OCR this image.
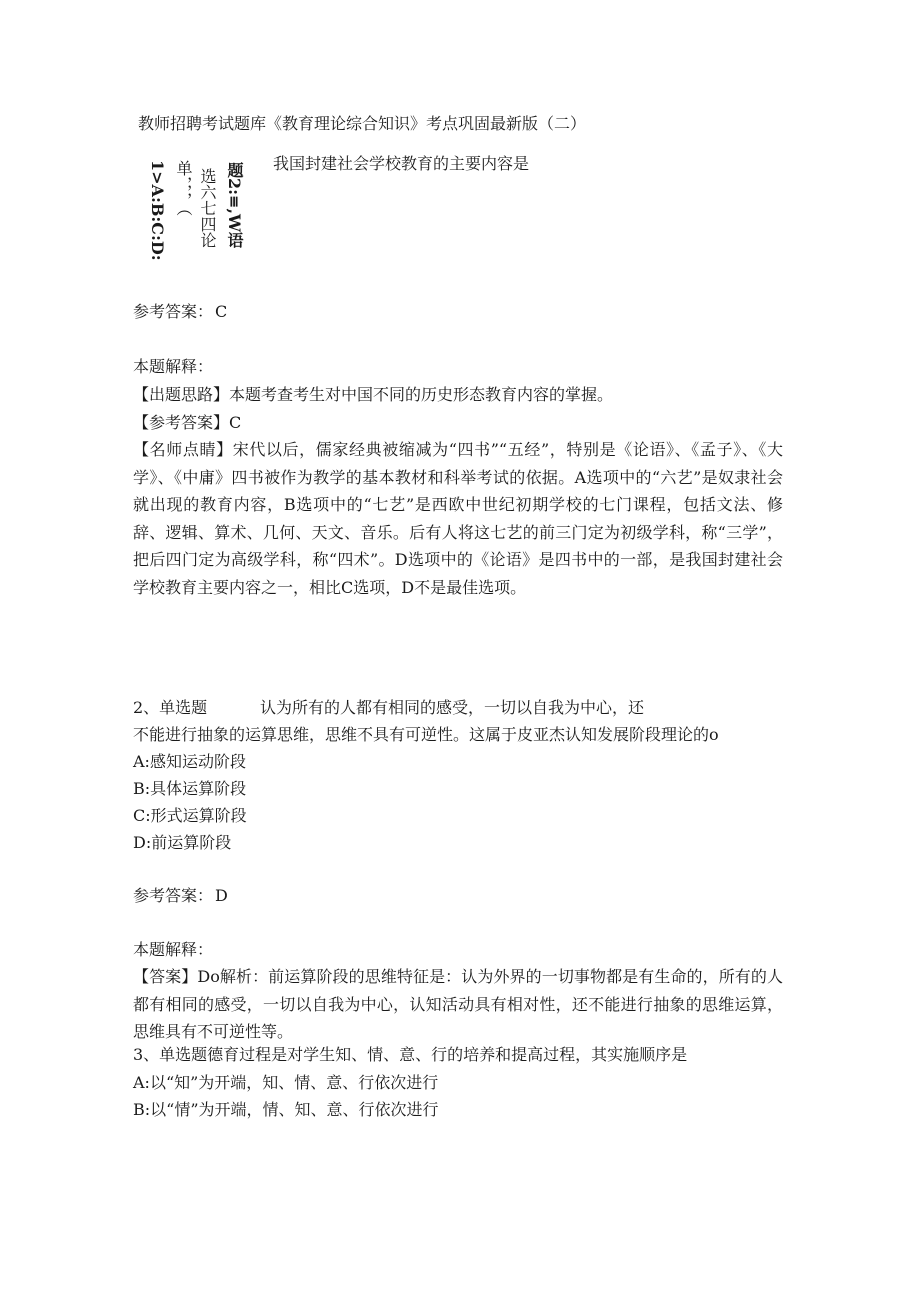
教师招聘考试题库《教育理论综合知识》考点巩固最新版（二）
我国封建社会学校教育的主要内容是
题2:≡,W语
选六七四论
单，，，（
1>A:B:C:D:
参考答案： C
本题解释：

【出题思路】本题考查考生对中国不同的历史形态教育内容的掌握。

【参考答案】C

【名师点睛】宋代以后，儒家经典被缩减为“四书”“五经”，特别是《论语》、《孟子》、《大学》、《中庸》四书被作为教学的基本教材和科举考试的依据。A选项中的“六艺”是奴隶社会就出现的教育内容，B选项中的“七艺”是西欧中世纪初期学校的七门课程，包括文法、修辞、逻辑、算术、几何、天文、音乐。后有人将这七艺的前三门定为初级学科，称“三学”，把后四门定为高级学科，称“四术”。D选项中的《论语》是四书中的一部，是我国封建社会学校教育主要内容之一，相比C选项，D不是最佳选项。

2、单选题	认为所有的人都有相同的感受，一切以自我为中心，还
不能进行抽象的运算思维，思维不具有可逆性。这属于皮亚杰认知发展阶段理论的o
A:感知运动阶段
B:具体运算阶段
C:形式运算阶段
D:前运算阶段
参考答案： D
本题解释：

【答案】Do解析：前运算阶段的思维特征是：认为外界的一切事物都是有生命的，所有的人都有相同的感受，一切以自我为中心，认知活动具有相对性，还不能进行抽象的思维运算，思维具有不可逆性等。

3、单选题德育过程是对学生知、情、意、行的培养和提高过程，其实施顺序是
A:以“知”为开端，知、情、意、行依次进行
B:以“情”为开端，情、知、意、行依次进行
